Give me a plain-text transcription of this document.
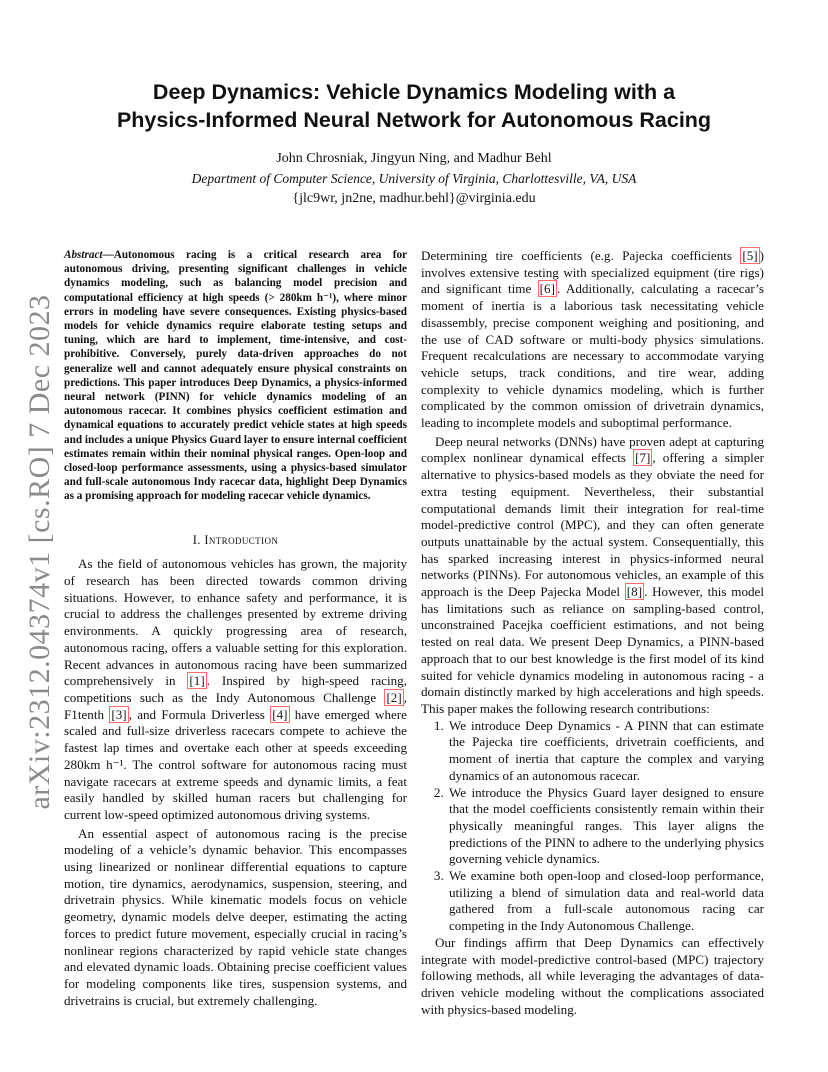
arXiv:2312.04374v1 [cs.RO] 7 Dec 2023
Deep Dynamics: Vehicle Dynamics Modeling with a
Physics-Informed Neural Network for Autonomous Racing
John Chrosniak, Jingyun Ning, and Madhur Behl
Department of Computer Science, University of Virginia, Charlottesville, VA, USA
{jlc9wr, jn2ne, madhur.behl}@virginia.edu

Abstract—Autonomous racing is a critical research area for autonomous driving, presenting significant challenges in vehicle dynamics modeling, such as balancing model precision and computational efficiency at high speeds (> 280km h⁻¹), where minor errors in modeling have severe consequences. Existing physics-based models for vehicle dynamics require elaborate testing setups and tuning, which are hard to implement, time-intensive, and cost-prohibitive. Conversely, purely data-driven approaches do not generalize well and cannot adequately ensure physical constraints on predictions. This paper introduces Deep Dynamics, a physics-informed neural network (PINN) for vehicle dynamics modeling of an autonomous racecar. It combines physics coefficient estimation and dynamical equations to accurately predict vehicle states at high speeds and includes a unique Physics Guard layer to ensure internal coefficient estimates remain within their nominal physical ranges. Open-loop and closed-loop performance assessments, using a physics-based simulator and full-scale autonomous Indy racecar data, highlight Deep Dynamics as a promising approach for modeling racecar vehicle dynamics.

I. Introduction

As the field of autonomous vehicles has grown, the majority of research has been directed towards common driving situations. However, to enhance safety and performance, it is crucial to address the challenges presented by extreme driving environments. A quickly progressing area of research, autonomous racing, offers a valuable setting for this exploration. Recent advances in autonomous racing have been summarized comprehensively in [1] . Inspired by high-speed racing, competitions such as the Indy Autonomous Challenge [2] , F1tenth [3] , and Formula Driverless [4] have emerged where scaled and full-size driverless racecars compete to achieve the fastest lap times and overtake each other at speeds exceeding 280km h⁻¹. The control software for autonomous racing must navigate racecars at extreme speeds and dynamic limits, a feat easily handled by skilled human racers but challenging for current low-speed optimized autonomous driving systems.

An essential aspect of autonomous racing is the precise modeling of a vehicle’s dynamic behavior. This encompasses using linearized or nonlinear differential equations to capture motion, tire dynamics, aerodynamics, suspension, steering, and drivetrain physics. While kinematic models focus on vehicle geometry, dynamic models delve deeper, estimating the acting forces to predict future movement, especially crucial in racing’s nonlinear regions characterized by rapid vehicle state changes and elevated dynamic loads. Obtaining precise coefficient values for modeling components like tires, suspension systems, and drivetrains is crucial, but extremely challenging.

Determining tire coefficients (e.g. Pajecka coefficients [5] ) involves extensive testing with specialized equipment (tire rigs) and significant time [6] . Additionally, calculating a racecar’s moment of inertia is a laborious task necessitating vehicle disassembly, precise component weighing and positioning, and the use of CAD software or multi-body physics simulations. Frequent recalculations are necessary to accommodate varying vehicle setups, track conditions, and tire wear, adding complexity to vehicle dynamics modeling, which is further complicated by the common omission of drivetrain dynamics, leading to incomplete models and suboptimal performance.

Deep neural networks (DNNs) have proven adept at capturing complex nonlinear dynamical effects [7] , offering a simpler alternative to physics-based models as they obviate the need for extra testing equipment. Nevertheless, their substantial computational demands limit their integration for real-time model-predictive control (MPC), and they can often generate outputs unattainable by the actual system. Consequentially, this has sparked increasing interest in physics-informed neural networks (PINNs). For autonomous vehicles, an example of this approach is the Deep Pajecka Model [8] . However, this model has limitations such as reliance on sampling-based control, unconstrained Pacejka coefficient estimations, and not being tested on real data. We present Deep Dynamics, a PINN-based approach that to our best knowledge is the first model of its kind suited for vehicle dynamics modeling in autonomous racing - a domain distinctly marked by high accelerations and high speeds. This paper makes the following research contributions:

1. We introduce Deep Dynamics - A PINN that can estimate the Pajecka tire coefficients, drivetrain coefficients, and moment of inertia that capture the complex and varying dynamics of an autonomous racecar.
2. We introduce the Physics Guard layer designed to ensure that the model coefficients consistently remain within their physically meaningful ranges. This layer aligns the predictions of the PINN to adhere to the underlying physics governing vehicle dynamics.
3. We examine both open-loop and closed-loop performance, utilizing a blend of simulation data and real-world data gathered from a full-scale autonomous racing car competing in the Indy Autonomous Challenge.

Our findings affirm that Deep Dynamics can effectively integrate with model-predictive control-based (MPC) trajectory following methods, all while leveraging the advantages of data-driven vehicle modeling without the complications associated with physics-based modeling.
